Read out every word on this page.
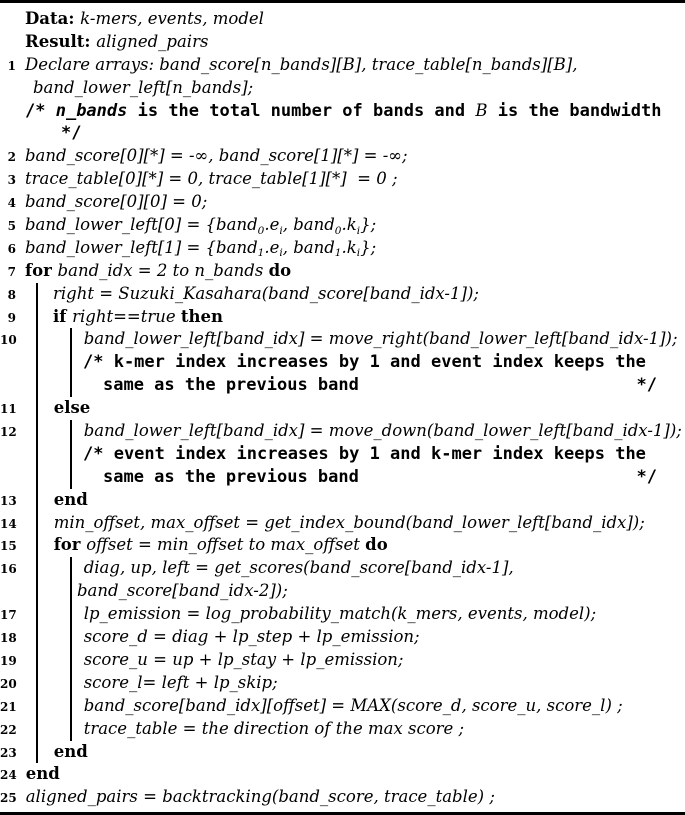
Data: k-mers, events, model
Result: aligned_pairs
1 Declare arrays: band_score[n_bands][B], trace_table[n_bands][B],
band_lower_left[n_bands];
/* n_bands is the total number of bands and B is the bandwidth
*/
2 band_score[0][*] = -∞, band_score[1][*] = -∞;
3 trace_table[0][*] = 0, trace_table[1][*]  = 0 ;
4 band_score[0][0] = 0;
5 band_lower_left[0] = {$band_0.e_i$, $band_0.k_i$};
6 band_lower_left[1] = {$band_1.e_i$, $band_1.k_i$};
7 for band_idx = 2 to n_bands do
8	right = Suzuki_Kasahara(band_score[band_idx-1]);
9	if right==true then
10	band_lower_left[band_idx] = move_right(band_lower_left[band_idx-1]);
/* k-mer index increases by 1 and event index keeps the
same as the previous band	*/
11	else
12	band_lower_left[band_idx] = move_down(band_lower_left[band_idx-1]);
/* event index increases by 1 and k-mer index keeps the
same as the previous band	*/
13	end
14	min_offset, max_offset = get_index_bound(band_lower_left[band_idx]);
15	for offset = min_offset to max_offset do
16	diag, up, left = get_scores(band_score[band_idx-1],
band_score[band_idx-2]);
17	lp_emission = log_probability_match(k_mers, events, model);
18	score_d = diag + lp_step + lp_emission;
19	score_u = up + lp_stay + lp_emission;
20	score_l= left + lp_skip;
21	band_score[band_idx][offset] = MAX(score_d, score_u, score_l) ;
22	trace_table = the direction of the max score ;
23	end
24 end
25 aligned_pairs = backtracking(band_score, trace_table) ;
